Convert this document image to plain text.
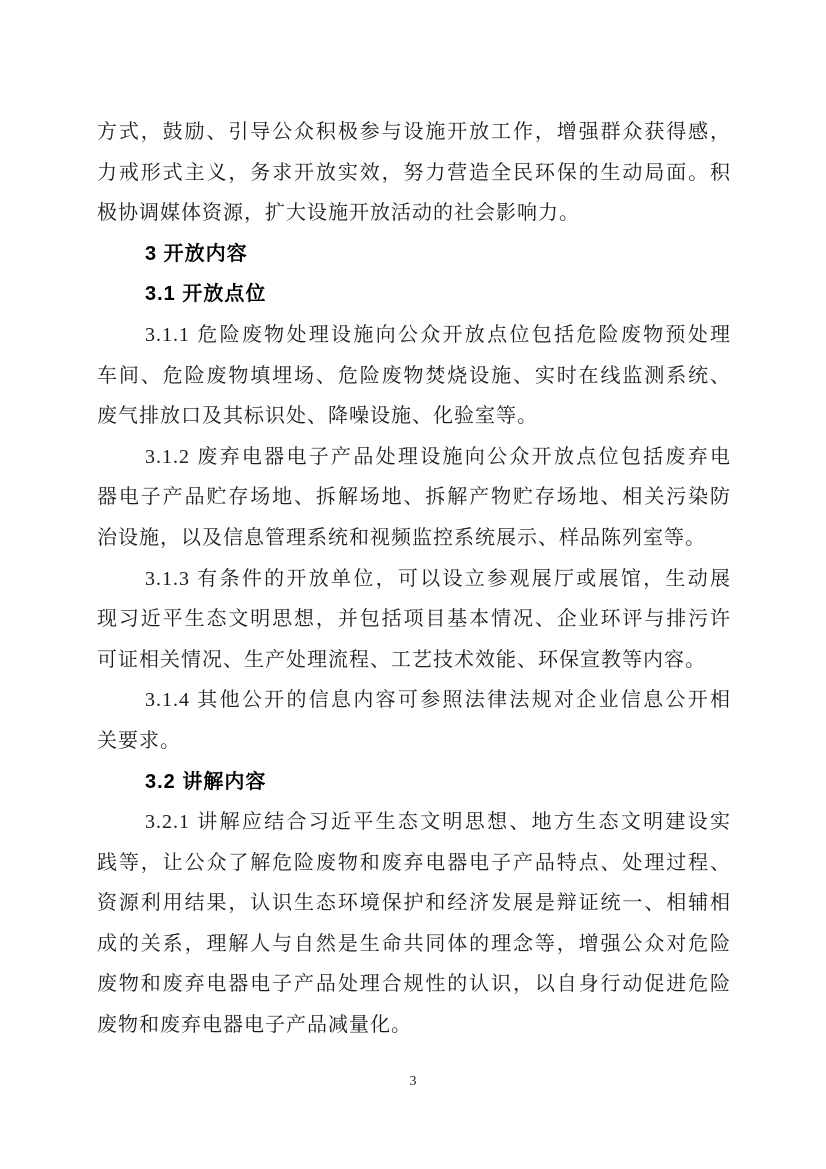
方式，鼓励、引导公众积极参与设施开放工作，增强群众获得感，
力戒形式主义，务求开放实效，努力营造全民环保的生动局面。积
极协调媒体资源，扩大设施开放活动的社会影响力。
3 开放内容
3.1 开放点位
3.1.1 危险废物处理设施向公众开放点位包括危险废物预处理
车间、危险废物填埋场、危险废物焚烧设施、实时在线监测系统、
废气排放口及其标识处、降噪设施、化验室等。
3.1.2 废弃电器电子产品处理设施向公众开放点位包括废弃电
器电子产品贮存场地、拆解场地、拆解产物贮存场地、相关污染防
治设施，以及信息管理系统和视频监控系统展示、样品陈列室等。
3.1.3 有条件的开放单位，可以设立参观展厅或展馆，生动展
现习近平生态文明思想，并包括项目基本情况、企业环评与排污许
可证相关情况、生产处理流程、工艺技术效能、环保宣教等内容。
3.1.4 其他公开的信息内容可参照法律法规对企业信息公开相
关要求。
3.2 讲解内容
3.2.1 讲解应结合习近平生态文明思想、地方生态文明建设实
践等，让公众了解危险废物和废弃电器电子产品特点、处理过程、
资源利用结果，认识生态环境保护和经济发展是辩证统一、相辅相
成的关系，理解人与自然是生命共同体的理念等，增强公众对危险
废物和废弃电器电子产品处理合规性的认识，以自身行动促进危险
废物和废弃电器电子产品减量化。
3
